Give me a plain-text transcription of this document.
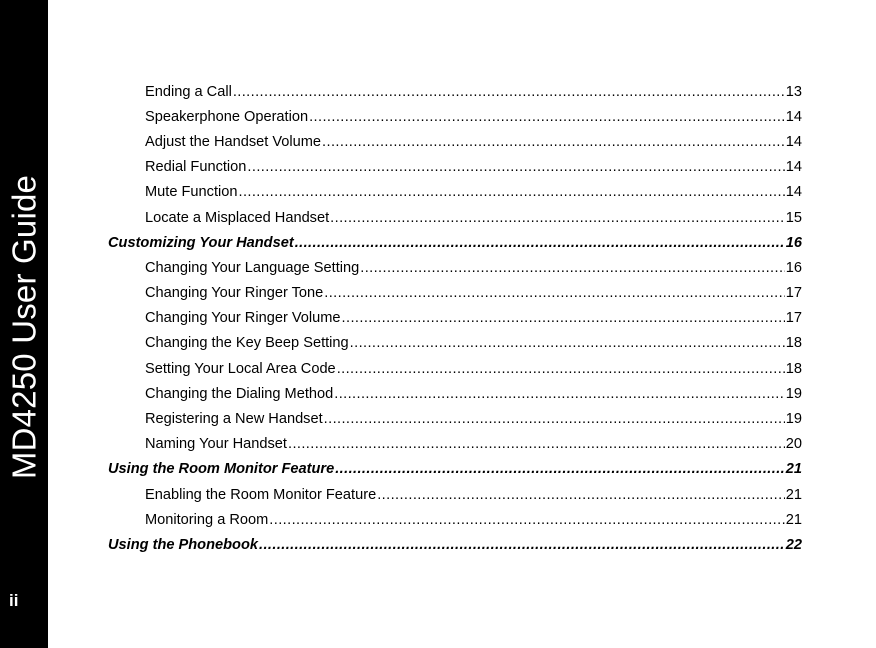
MD4250 User Guide
ii
Ending a Call .....	13
Speakerphone Operation .....	14
Adjust the Handset Volume .....	14
Redial Function .....	14
Mute Function .....	14
Locate a Misplaced Handset .....	15
Customizing Your Handset .....	16
Changing Your Language Setting .....	16
Changing Your Ringer Tone .....	17
Changing Your Ringer Volume .....	17
Changing the Key Beep Setting .....	18
Setting Your Local Area Code .....	18
Changing the Dialing Method .....	19
Registering a New Handset .....	19
Naming Your Handset .....	20
Using the Room Monitor Feature .....	21
Enabling the Room Monitor Feature .....	21
Monitoring a Room .....	21
Using the Phonebook .....	22
